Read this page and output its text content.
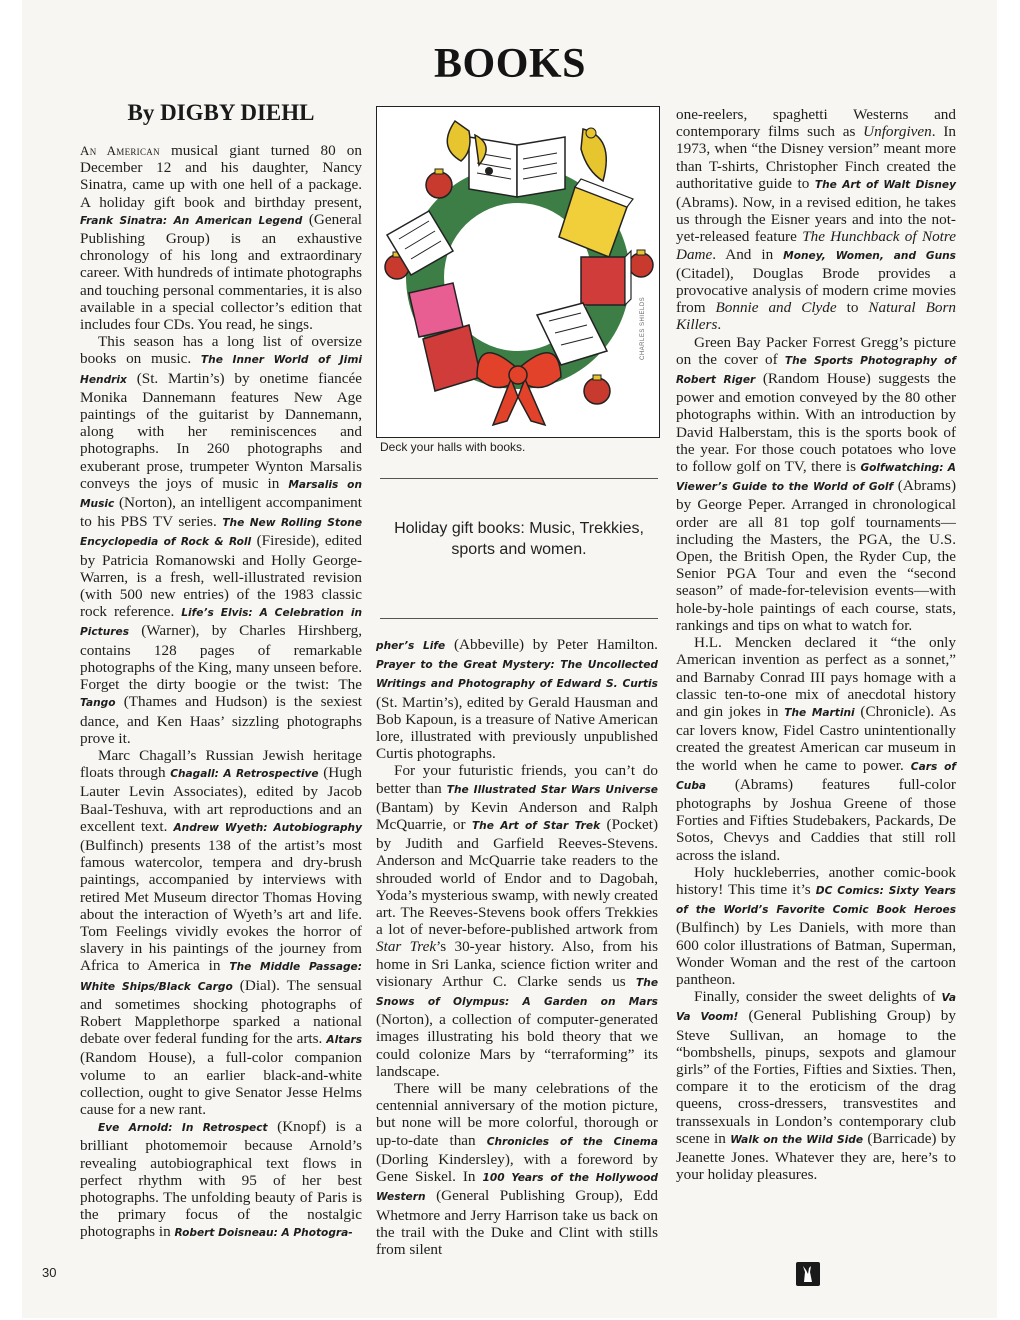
BOOKS
By DIGBY DIEHL

An American musical giant turned 80 on December 12 and his daughter, Nancy Sinatra, came up with one hell of a package. A holiday gift book and birthday present, Frank Sinatra: An American Legend (General Publishing Group) is an exhaustive chronology of his long and extraordinary career. With hundreds of intimate photographs and touching personal commentaries, it is also available in a special collector’s edition that includes four CDs. You read, he sings.

This season has a long list of oversize books on music. The Inner World of Jimi Hendrix (St. Martin’s) by onetime fiancée Monika Dannemann features New Age paintings of the guitarist by Dannemann, along with her reminiscences and photographs. In 260 photographs and exuberant prose, trumpeter Wynton Marsalis conveys the joys of music in Marsalis on Music (Norton), an intelligent accompaniment to his PBS TV series. The New Rolling Stone Encyclopedia of Rock & Roll (Fireside), edited by Patricia Romanowski and Holly George-Warren, is a fresh, well-illustrated revision (with 500 new entries) of the 1983 classic rock reference. Life’s Elvis: A Celebration in Pictures (Warner), by Charles Hirshberg, contains 128 pages of remarkable photographs of the King, many unseen before. Forget the dirty boogie or the twist: The Tango (Thames and Hudson) is the sexiest dance, and Ken Haas’ sizzling photographs prove it.

Marc Chagall’s Russian Jewish heritage floats through Chagall: A Retrospective (Hugh Lauter Levin Associates), edited by Jacob Baal-Teshuva, with art reproductions and an excellent text. Andrew Wyeth: Autobiography (Bulfinch) presents 138 of the artist’s most famous watercolor, tempera and dry-brush paintings, accompanied by interviews with retired Met Museum director Thomas Hoving about the interaction of Wyeth’s art and life. Tom Feelings vividly evokes the horror of slavery in his paintings of the journey from Africa to America in The Middle Passage: White Ships/Black Cargo (Dial). The sensual and sometimes shocking photographs of Robert Mapplethorpe sparked a national debate over federal funding for the arts. Altars (Random House), a full-color companion volume to an earlier black-and-white collection, ought to give Senator Jesse Helms cause for a new rant.

Eve Arnold: In Retrospect (Knopf) is a brilliant photomemoir because Arnold’s revealing autobiographical text flows in perfect rhythm with 95 of her best photographs. The unfolding beauty of Paris is the primary focus of the nostalgic photographs in Robert Doisneau: A Photogra-

CHARLES SHIELDS
Deck your halls with books.
Holiday gift books: Music, Trekkies, sports and women.

pher’s Life (Abbeville) by Peter Hamilton. Prayer to the Great Mystery: The Uncollected Writings and Photography of Edward S. Curtis (St. Martin’s), edited by Gerald Hausman and Bob Kapoun, is a treasure of Native American lore, illustrated with previously unpublished Curtis photographs.

For your futuristic friends, you can’t do better than The Illustrated Star Wars Universe (Bantam) by Kevin Anderson and Ralph McQuarrie, or The Art of Star Trek (Pocket) by Judith and Garfield Reeves-Stevens. Anderson and McQuarrie take readers to the shrouded world of Endor and to Dagobah, Yoda’s mysterious swamp, with newly created art. The Reeves-Stevens book offers Trekkies a lot of never-before-published artwork from Star Trek’s 30-year history. Also, from his home in Sri Lanka, science fiction writer and visionary Arthur C. Clarke sends us The Snows of Olympus: A Garden on Mars (Norton), a collection of computer-generated images illustrating his bold theory that we could colonize Mars by “terraforming” its landscape.

There will be many celebrations of the centennial anniversary of the motion picture, but none will be more colorful, thorough or up-to-date than Chronicles of the Cinema (Dorling Kindersley), with a foreword by Gene Siskel. In 100 Years of the Hollywood Western (General Publishing Group), Edd Whetmore and Jerry Harrison take us back on the trail with the Duke and Clint with stills from silent

one-reelers, spaghetti Westerns and contemporary films such as Unforgiven. In 1973, when “the Disney version” meant more than T-shirts, Christopher Finch created the authoritative guide to The Art of Walt Disney (Abrams). Now, in a revised edition, he takes us through the Eisner years and into the not-yet-released feature The Hunchback of Notre Dame. And in Money, Women, and Guns (Citadel), Douglas Brode provides a provocative analysis of modern crime movies from Bonnie and Clyde to Natural Born Killers.

Green Bay Packer Forrest Gregg’s picture on the cover of The Sports Photography of Robert Riger (Random House) suggests the power and emotion conveyed by the 80 other photographs within. With an introduction by David Halberstam, this is the sports book of the year. For those couch potatoes who love to follow golf on TV, there is Golfwatching: A Viewer’s Guide to the World of Golf (Abrams) by George Peper. Arranged in chronological order are all 81 top golf tournaments—including the Masters, the PGA, the U.S. Open, the British Open, the Ryder Cup, the Senior PGA Tour and even the “second season” of made-for-television events—with hole-by-hole paintings of each course, stats, rankings and tips on what to watch for.

H.L. Mencken declared it “the only American invention as perfect as a sonnet,” and Barnaby Conrad III pays homage with a classic ten-to-one mix of anecdotal history and gin jokes in The Martini (Chronicle). As car lovers know, Fidel Castro unintentionally created the greatest American car museum in the world when he came to power. Cars of Cuba (Abrams) features full-color photographs by Joshua Greene of those Forties and Fifties Studebakers, Packards, De Sotos, Chevys and Caddies that still roll across the island.

Holy huckleberries, another comic-book history! This time it’s DC Comics: Sixty Years of the World’s Favorite Comic Book Heroes (Bulfinch) by Les Daniels, with more than 600 color illustrations of Batman, Superman, Wonder Woman and the rest of the cartoon pantheon.

Finally, consider the sweet delights of Va Va Voom! (General Publishing Group) by Steve Sullivan, an homage to the “bombshells, pinups, sexpots and glamour girls” of the Forties, Fifties and Sixties. Then, compare it to the eroticism of the drag queens, cross-dressers, transvestites and transsexuals in London’s contemporary club scene in Walk on the Wild Side (Barricade) by Jeanette Jones. Whatever they are, here’s to your holiday pleasures.

30
